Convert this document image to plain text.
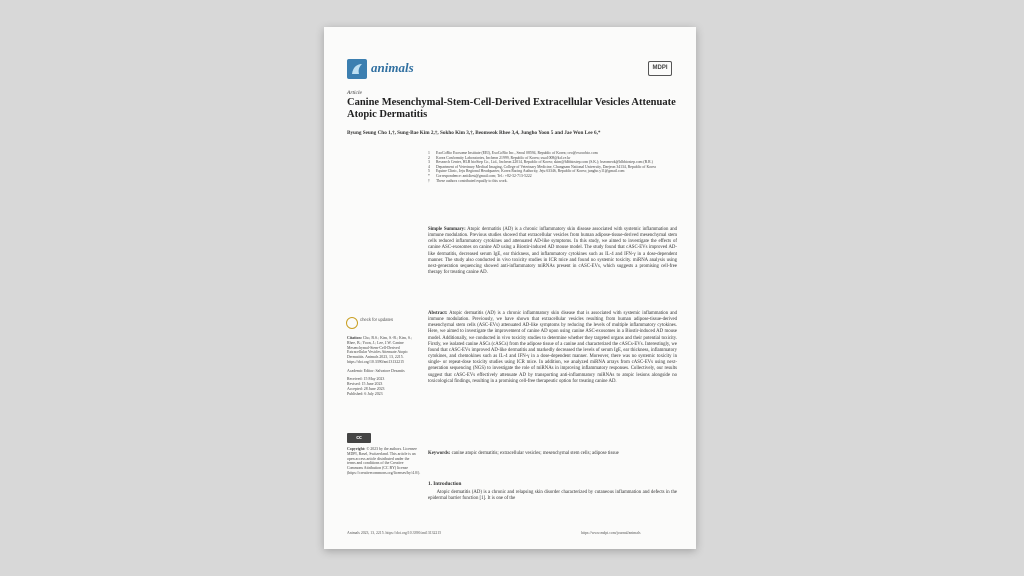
animals	MDPI
Article
Canine Mesenchymal-Stem-Cell-Derived Extracellular Vesicles Attenuate Atopic Dermatitis
Byung Seung Cho 1,†, Sung-Bae Kim 2,†, Sokho Kim 3,†, Beomseok Rhee 3,4, Jungho Yoon 5 and Jae Won Lee 6,*
1	ExoCoBio Exosome Institute (EEI), ExoCoBio Inc., Seoul 08594, Republic of Korea; ceo@exocobio.com
2	Korea Conformity Laboratories, Incheon 21999, Republic of Korea; sssa1008@kcl.re.kr
3	Research Center, HLB bioStep Co., Ltd., Incheon 22014, Republic of Korea; skim@hlbbiostep.com (S.K.); bseomeok@hlbbiostep.com (B.R.)
4	Department of Veterinary Medical Imaging, College of Veterinary Medicine, Chungnam National University, Daejeon 34134, Republic of Korea
5	Equine Clinic, Jeju Regional Headquarter, Korea Racing Authority, Jeju 63346, Republic of Korea; jungho.y11@gmail.com
*	Correspondence: anti4test@gmail.com; Tel.: +82-32-713-5222
†	These authors contributed equally to this work.
Simple Summary: Atopic dermatitis (AD) is a chronic inflammatory skin disease associated with systemic inflammation and immune modulation. Previous studies showed that extracellular vesicles from human adipose-tissue-derived mesenchymal stem cells reduced inflammatory cytokines and attenuated AD-like symptoms. In this study, we aimed to investigate the effects of canine ASC-exosomes on canine AD using a Biostir-induced AD mouse model. The study found that cASC-EVs improved AD-like dermatitis, decreased serum IgE, ear thickness, and inflammatory cytokines such as IL-4 and IFN-γ in a dose-dependent manner. The study also conducted in vivo toxicity studies in ICR mice and found no systemic toxicity. miRNA analysis using next-generation sequencing showed anti-inflammatory miRNAs present in cASC-EVs, which suggests a promising cell-free therapy for treating canine AD.
Abstract: Atopic dermatitis (AD) is a chronic inflammatory skin disease that is associated with systemic inflammation and immune modulation. Previously, we have shown that extracellular vesicles resulting from human adipose-tissue-derived mesenchymal stem cells (ASC-EVs) attenuated AD-like symptoms by reducing the levels of multiple inflammatory cytokines. Here, we aimed to investigate the improvement of canine AD upon using canine ASC-exosomes in a Biostir-induced AD mouse model. Additionally, we conducted in vivo toxicity studies to determine whether they targeted organs and their potential toxicity. Firstly, we isolated canine ASCs (cASCs) from the adipose tissue of a canine and characterized the cASCs-EVs. Interestingly, we found that cASC-EVs improved AD-like dermatitis and markedly decreased the levels of serum IgE, ear thickness, inflammatory cytokines, and chemokines such as IL-4 and IFN-γ in a dose-dependent manner. Moreover, there was no systemic toxicity in single- or repeat-dose toxicity studies using ICR mice. In addition, we analyzed miRNA arrays from cASC-EVs using next-generation sequencing (NGS) to investigate the role of miRNAs in improving inflammatory responses. Collectively, our results suggest that cASC-EVs effectively attenuate AD by transporting anti-inflammatory miRNAs to atopic lesions alongside no toxicological findings, resulting in a promising cell-free therapeutic option for treating canine AD.
Keywords: canine atopic dermatitis; extracellular vesicles; mesenchymal stem cells; adipose tissue
1. Introduction
Atopic dermatitis (AD) is a chronic and relapsing skin disorder characterized by cutaneous inflammation and defects in the epidermal barrier function [1]. It is one of the
check for updates

Citation: Cho, B.S.; Kim, S.-B.; Kim, S.; Rhee, B.; Yoon, J.; Lee, J.W. Canine Mesenchymal-Stem-Cell-Derived Extracellular Vesicles Attenuate Atopic Dermatitis. Animals 2023, 13, 2215. https://doi.org/10.3390/ani13132215

Academic Editor: Salvatore Desantis

Received: 15 May 2023

Revised: 15 June 2023

Accepted: 28 June 2023

Published: 6 July 2023

cc
Copyright: © 2023 by the authors. Licensee MDPI, Basel, Switzerland. This article is an open access article distributed under the terms and conditions of the Creative Commons Attribution (CC BY) license (https://creativecommons.org/licenses/by/4.0/).
Animals 2023, 13, 2215. https://doi.org/10.3390/ani13132215	https://www.mdpi.com/journal/animals
